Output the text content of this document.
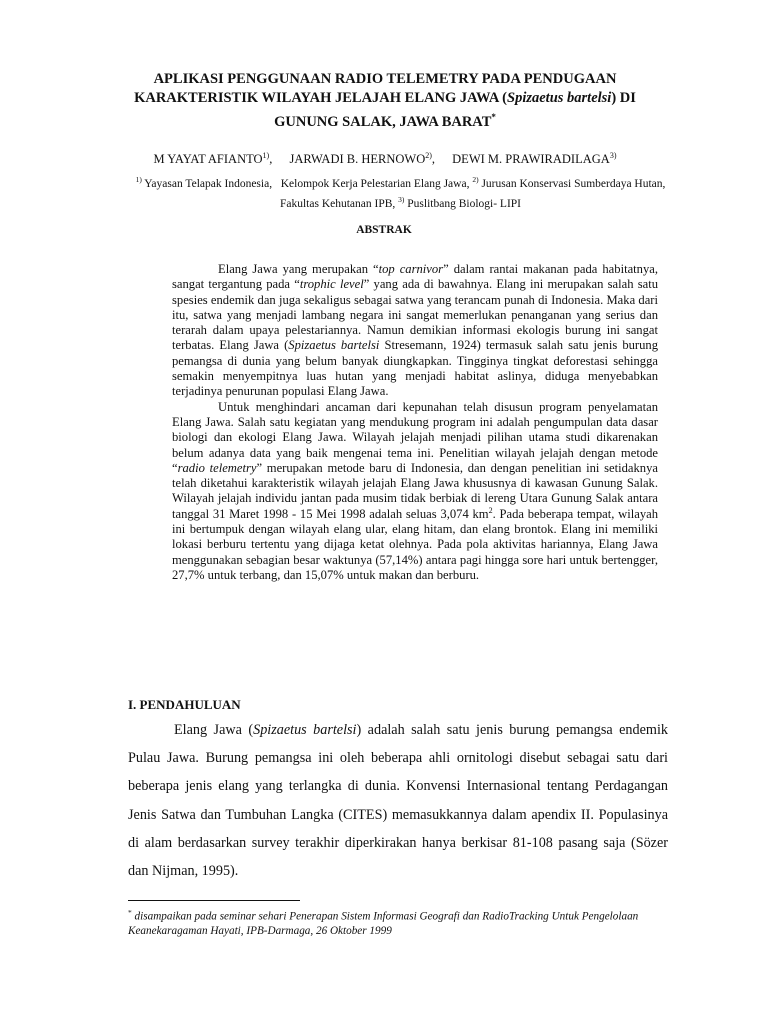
APLIKASI PENGGUNAAN RADIO TELEMETRY PADA PENDUGAAN
KARAKTERISTIK WILAYAH JELAJAH ELANG JAWA (Spizaetus bartelsi) DI
GUNUNG SALAK, JAWA BARAT*
M YAYAT AFIANTO$^{1)}$, JARWADI B. HERNOWO$^{2)}$, DEWI M. PRAWIRADILAGA$^{3)}$
$^{1)}$ Yayasan Telapak Indonesia, Kelompok Kerja Pelestarian Elang Jawa, $^{2)}$ Jurusan Konservasi Sumberdaya Hutan, Fakultas Kehutanan IPB, $^{3)}$ Puslitbang Biologi- LIPI
ABSTRAK

Elang Jawa yang merupakan “top carnivor” dalam rantai makanan pada habitatnya, sangat tergantung pada “trophic level” yang ada di bawahnya. Elang ini merupakan salah satu spesies endemik dan juga sekaligus sebagai satwa yang terancam punah di Indonesia. Maka dari itu, satwa yang menjadi lambang negara ini sangat memerlukan penanganan yang serius dan terarah dalam upaya pelestariannya. Namun demikian informasi ekologis burung ini sangat terbatas. Elang Jawa (Spizaetus bartelsi Stresemann, 1924) termasuk salah satu jenis burung pemangsa di dunia yang belum banyak diungkapkan. Tingginya tingkat deforestasi sehingga semakin menyempitnya luas hutan yang menjadi habitat aslinya, diduga menyebabkan terjadinya penurunan populasi Elang Jawa.

Untuk menghindari ancaman dari kepunahan telah disusun program penyelamatan Elang Jawa. Salah satu kegiatan yang mendukung program ini adalah pengumpulan data dasar biologi dan ekologi Elang Jawa. Wilayah jelajah menjadi pilihan utama studi dikarenakan belum adanya data yang baik mengenai tema ini. Penelitian wilayah jelajah dengan metode “radio telemetry” merupakan metode baru di Indonesia, dan dengan penelitian ini setidaknya telah diketahui karakteristik wilayah jelajah Elang Jawa khususnya di kawasan Gunung Salak. Wilayah jelajah individu jantan pada musim tidak berbiak di lereng Utara Gunung Salak antara tanggal 31 Maret 1998 - 15 Mei 1998 adalah seluas 3,074 $km^2$. Pada beberapa tempat, wilayah ini bertumpuk dengan wilayah elang ular, elang hitam, dan elang brontok. Elang ini memiliki lokasi berburu tertentu yang dijaga ketat olehnya. Pada pola aktivitas hariannya, Elang Jawa menggunakan sebagian besar waktunya (57,14%) antara pagi hingga sore hari untuk bertengger, 27,7% untuk terbang, dan 15,07% untuk makan dan berburu.

I. PENDAHULUAN

Elang Jawa (Spizaetus bartelsi) adalah salah satu jenis burung pemangsa endemik Pulau Jawa. Burung pemangsa ini oleh beberapa ahli ornitologi disebut sebagai satu dari beberapa jenis elang yang terlangka di dunia. Konvensi Internasional tentang Perdagangan Jenis Satwa dan Tumbuhan Langka (CITES) memasukkannya dalam apendix II. Populasinya di alam berdasarkan survey terakhir diperkirakan hanya berkisar 81-108 pasang saja (Sözer dan Nijman, 1995).

* disampaikan pada seminar sehari Penerapan Sistem Informasi Geografi dan RadioTracking Untuk Pengelolaan Keanekaragaman Hayati, IPB-Darmaga, 26 Oktober 1999
